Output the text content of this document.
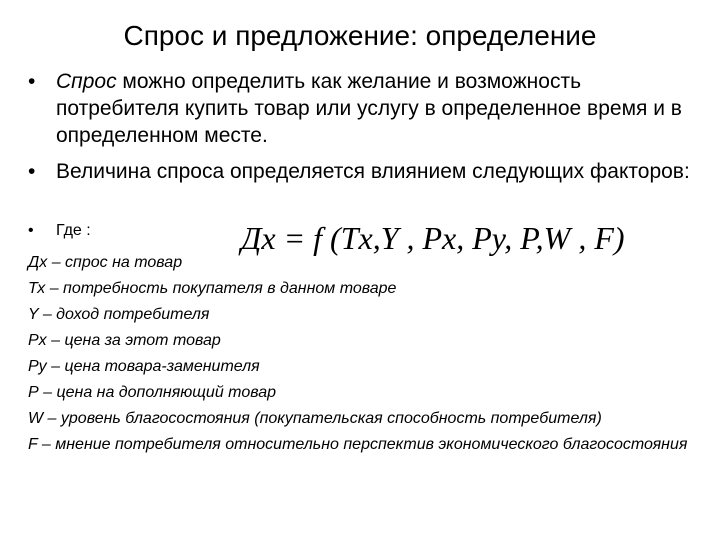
Спрос и предложение: определение
• Спрос можно определить как желание и возможность потребителя купить товар или услугу в определенное время и в определенном месте.
• Величина спроса определяется влиянием следующих факторов:
• Где :	Дх = f (Tx,Y , Px, Py, P,W , F)
Дх – спрос на товар
Тх – потребность покупателя в данном товаре
Y – доход потребителя
Рх – цена за этот товар
Ру – цена товара-заменителя
Р – цена на дополняющий товар
W – уровень благосостояния (покупательская способность потребителя)
F – мнение потребителя относительно перспектив экономического благосостояния
